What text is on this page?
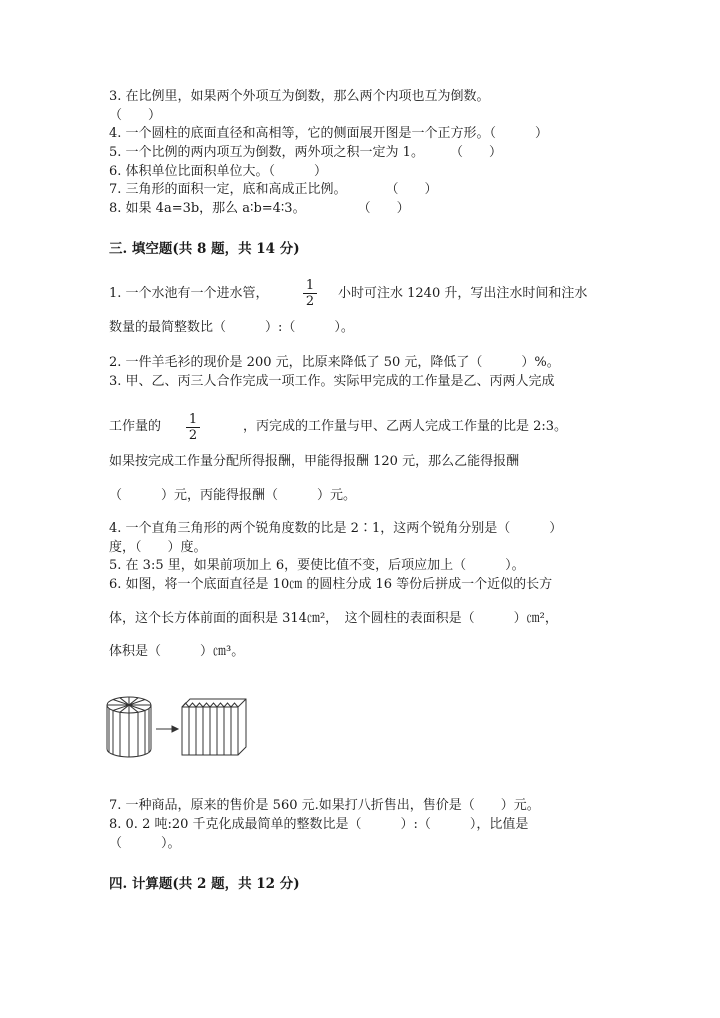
3. 在比例里，如果两个外项互为倒数，那么两个内项也互为倒数。
（　　）
4. 一个圆柱的底面直径和高相等，它的侧面展开图是一个正方形。（　　　）
5. 一个比例的两内项互为倒数，两外项之积一定为 1。　　　（　　）
6. 体积单位比面积单位大。（　　　）
7. 三角形的面积一定，底和高成正比例。　　　　（　　）
8. 如果 4a=3b，那么 a∶b=4∶3。　　　　　（　　）
三. 填空题(共 8 题，共 14 分)
1. 一个水池有一个进水管，
1
2
小时可注水 1240 升，写出注水时间和注水
数量的最简整数比（　　　）:（　　　）。
2. 一件羊毛衫的现价是 200 元，比原来降低了 50 元，降低了（　　　）%。
3. 甲、乙、丙三人合作完成一项工作。实际甲完成的工作量是乙、丙两人完成
工作量的 1
2
，丙完成的工作量与甲、乙两人完成工作量的比是 2:3。
如果按完成工作量分配所得报酬，甲能得报酬 120 元，那么乙能得报酬
（　　　）元，丙能得报酬（　　　）元。
4. 一个直角三角形的两个锐角度数的比是 2∶1，这两个锐角分别是（　　　）
度，（　　）度。
5. 在 3:5 里，如果前项加上 6，要使比值不变，后项应加上（　　　）。
6. 如图，将一个底面直径是 10㎝ 的圆柱分成 16 等份后拼成一个近似的长方
体，这个长方体前面的面积是 314㎝²，　这个圆柱的表面积是（　　　）㎝²，
体积是（　　　）㎝³。
7. 一种商品，原来的售价是 560 元.如果打八折售出，售价是（　　）元。
8. 0. 2 吨:20 千克化成最简单的整数比是（　　　）:（　　　），比值是
（　　　）。
四. 计算题(共 2 题，共 12 分)
